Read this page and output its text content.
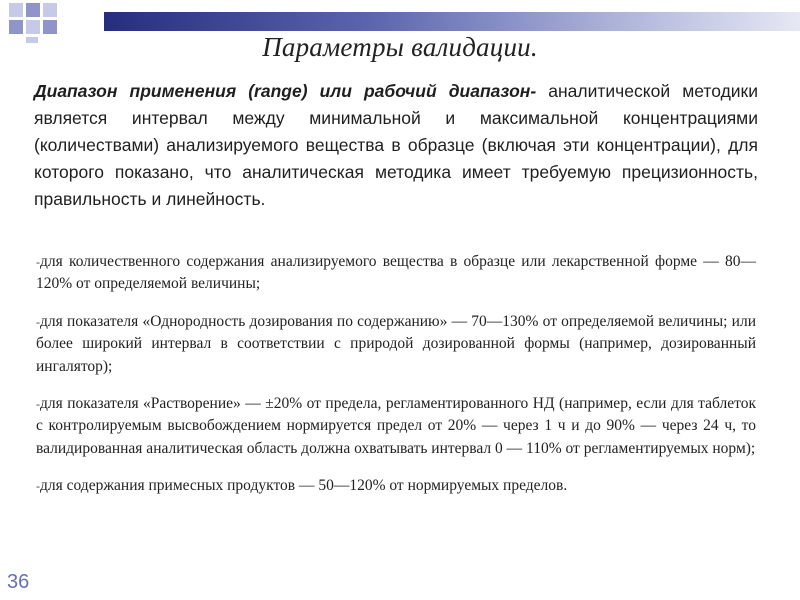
Параметры валидации.
Диапазон применения (range) или рабочий диапазон- аналитической методики является интервал между минимальной и максимальной концентрациями (количествами) анализируемого вещества в образце (включая эти концентрации), для которого показано, что аналитическая методика имеет требуемую прецизионность, правильность и линейность.

-для количественного содержания анализируемого вещества в образце или лекарственной форме — 80—120% от определяемой величины;

-для показателя «Однородность дозирования по содержанию» — 70—130% от определяемой величины; или более широкий интервал в соответствии с природой дозированной формы (например, дозированный ингалятор);

-для показателя «Растворение» — ±20% от предела, регламентированного НД (например, если для таблеток с контролируемым высвобождением нормируется предел от 20% — через 1 ч и до 90% — через 24 ч, то валидированная аналитическая область должна охватывать интервал 0 — 110% от регламентируемых норм);

-для содержания примесных продуктов — 50—120% от нормируемых пределов.

36
